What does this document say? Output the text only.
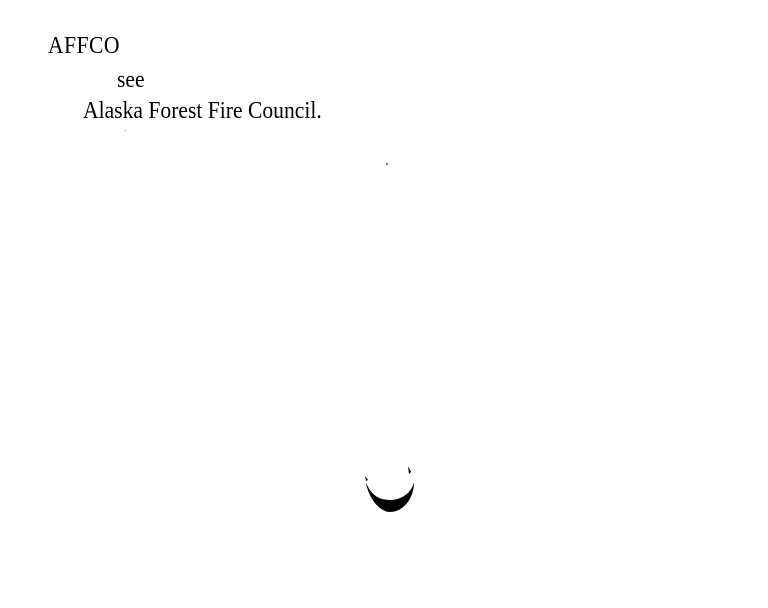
AFFCO
see
Alaska Forest Fire Council.
